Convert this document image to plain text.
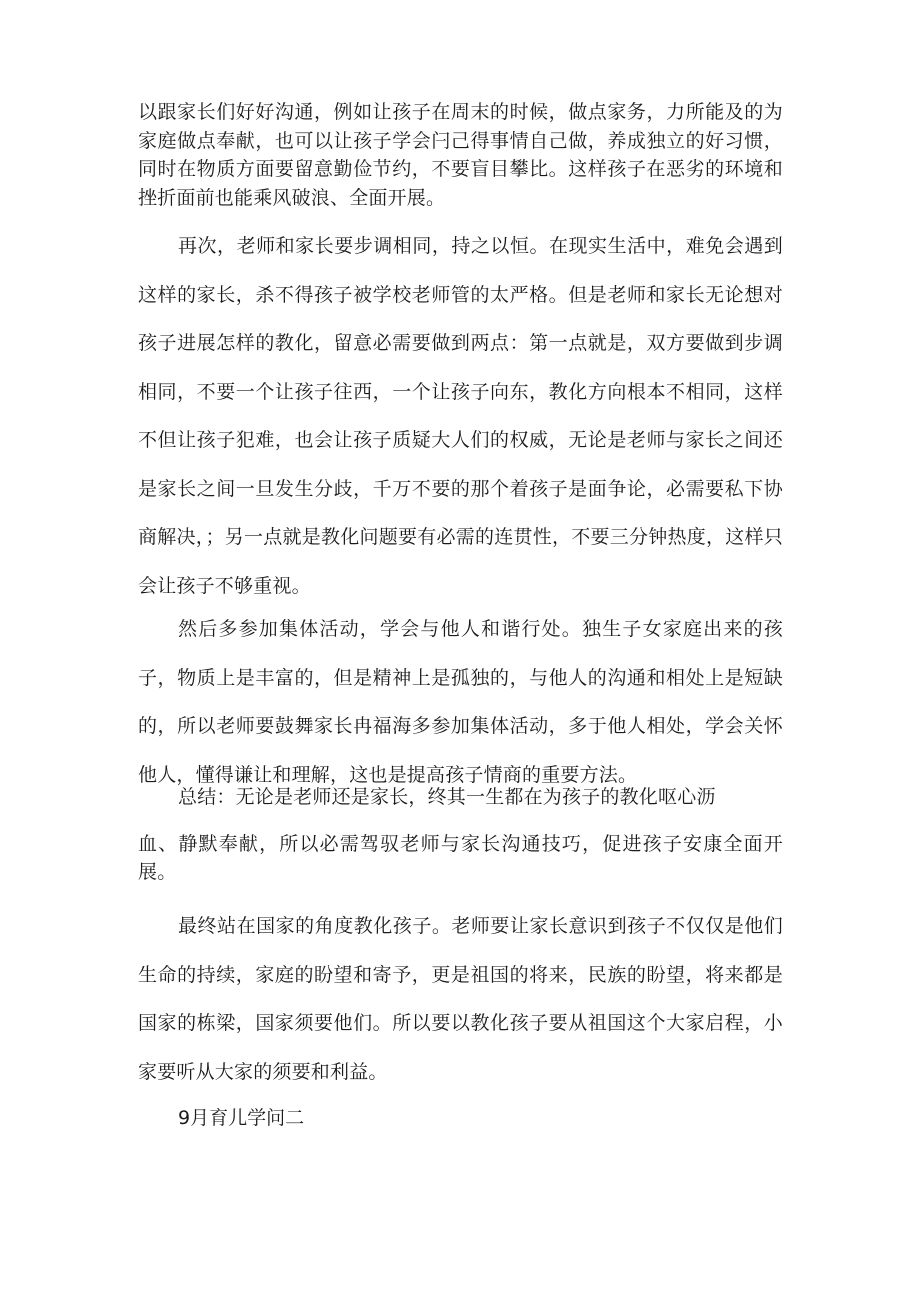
以跟家长们好好沟通，例如让孩子在周末的时候，做点家务，力所能及的为家庭做点奉献，也可以让孩子学会闩己得事情自己做，养成独立的好习惯，同时在物质方面要留意勤俭节约，不要盲目攀比。这样孩子在恶劣的环境和挫折面前也能乘风破浪、全面开展。

再次，老师和家长要步调相同，持之以恒。在现实生活中，难免会遇到这样的家长，杀不得孩子被学校老师管的太严格。但是老师和家长无论想对孩子进展怎样的教化，留意必需要做到两点：第一点就是，双方要做到步调相同，不要一个让孩子往西，一个让孩子向东，教化方向根本不相同，这样不但让孩子犯难，也会让孩子质疑大人们的权威，无论是老师与家长之间还是家长之间一旦发生分歧，千万不要的那个着孩子是面争论，必需要私下协商解决，；另一点就是教化问题要有必需的连贯性，不要三分钟热度，这样只会让孩子不够重视。

然后多参加集体活动，学会与他人和谐行处。独生子女家庭出来的孩子，物质上是丰富的，但是精神上是孤独的，与他人的沟通和相处上是短缺的，所以老师要鼓舞家长冉福海多参加集体活动，多于他人相处，学会关怀他人，懂得谦让和理解，这也是提高孩子情商的重要方法。

总结：无论是老师还是家长，终其一生都在为孩子的教化呕心沥

血、静默奉献，所以必需驾驭老师与家长沟通技巧，促进孩子安康全面开展。

最终站在国家的角度教化孩子。老师要让家长意识到孩子不仅仅是他们生命的持续，家庭的盼望和寄予，更是祖国的将来，民族的盼望，将来都是国家的栋梁，国家须要他们。所以要以教化孩子要从祖国这个大家启程，小家要听从大家的须要和利益。

9月育儿学问二
